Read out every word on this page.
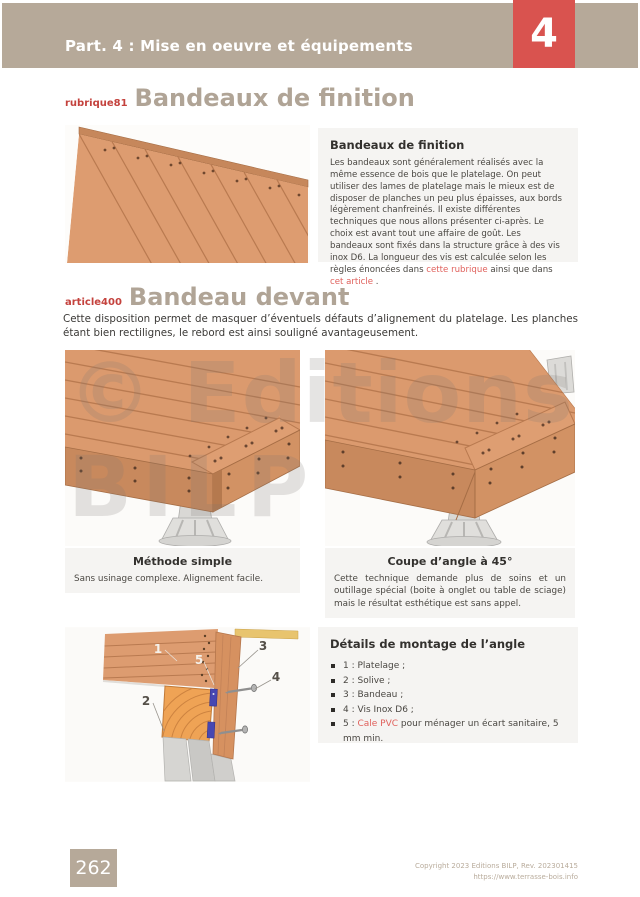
Part. 4 : Mise en oeuvre et équipements	4
rubrique81 Bandeaux de finition

Bandeaux de finition

Les bandeaux sont généralement réalisés avec la même essence de bois que le platelage. On peut utiliser des lames de platelage mais le mieux est de disposer de planches un peu plus épaisses, aux bords légèrement chanfreinés. Il existe différentes techniques que nous allons présenter ci-après. Le choix est avant tout une affaire de goût. Les bandeaux sont fixés dans la structure grâce à des vis inox D6. La longueur des vis est calculée selon les règles énoncées dans cette rubrique ainsi que dans cet article .

article400 Bandeau devant

Cette disposition permet de masquer d’éventuels défauts d’alignement du platelage. Les planches étant bien rectilignes, le rebord est ainsi souligné avantageusement.

© Editions
BILP

Méthode simple

Sans usinage complexe. Alignement facile.

Coupe d’angle à 45°

Cette technique demande plus de soins et un outillage spécial (boite à onglet ou table de sciage) mais le résultat esthétique est sans appel.

1
2
3
4
5

Détails de montage de l’angle

1 : Platelage ;
2 : Solive ;
3 : Bandeau ;
4 : Vis Inox D6 ;
5 : Cale PVC pour ménager un écart sanitaire, 5 mm min.
262	Copyright 2023 Editions BILP, Rev. 202301415
https://www.terrasse-bois.info
